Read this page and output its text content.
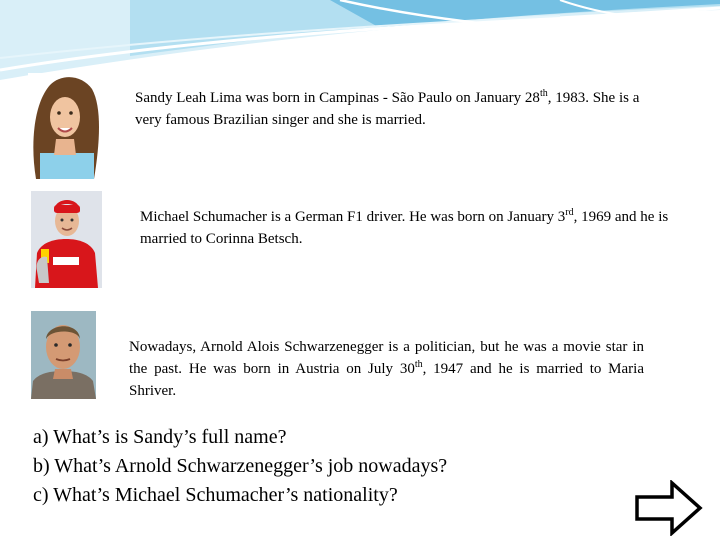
Sandy Leah Lima was born in Campinas - São Paulo on January 28th, 1983. She is a very famous Brazilian singer and she is married.

Michael Schumacher is a German F1 driver. He was born on January 3rd, 1969 and he is married to Corinna Betsch.

Nowadays, Arnold Alois Schwarzenegger is a politician, but he was a movie star in the past. He was born in Austria on July 30th, 1947 and he is married to Maria Shriver.

a) What’s is Sandy’s full name?
b) What’s Arnold Schwarzenegger’s job nowadays?
c) What’s Michael Schumacher’s nationality?
